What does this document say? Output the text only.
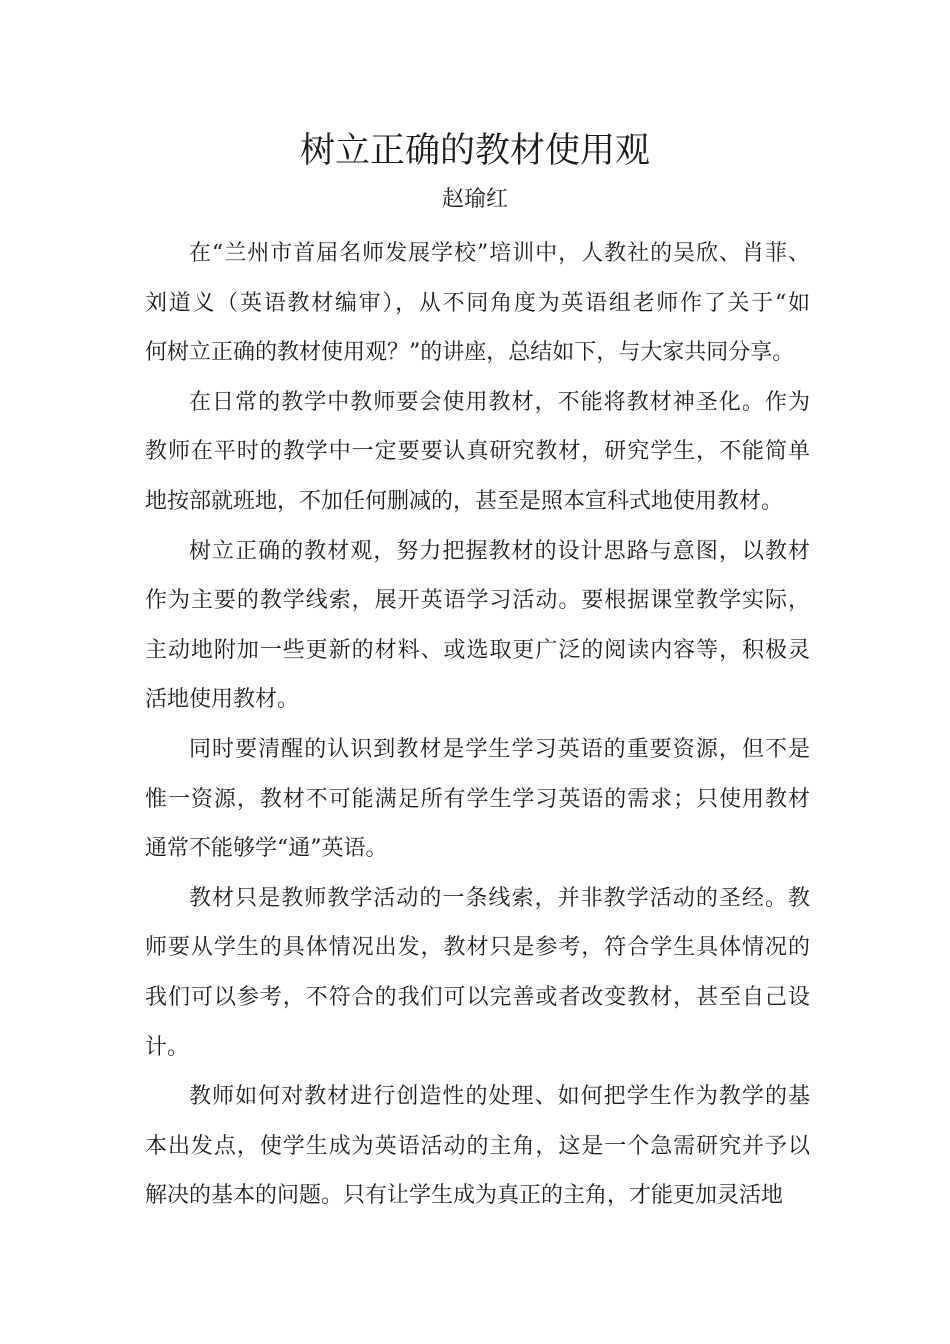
树立正确的教材使用观
赵瑜红
在“兰州市首届名师发展学校”培训中，人教社的吴欣、肖菲、
刘道义（英语教材编审），从不同角度为英语组老师作了关于“如
何树立正确的教材使用观？”的讲座，总结如下，与大家共同分享。
在日常的教学中教师要会使用教材，不能将教材神圣化。作为
教师在平时的教学中一定要要认真研究教材，研究学生，不能简单
地按部就班地，不加任何删减的，甚至是照本宣科式地使用教材。
树立正确的教材观，努力把握教材的设计思路与意图，以教材
作为主要的教学线索，展开英语学习活动。要根据课堂教学实际，
主动地附加一些更新的材料、或选取更广泛的阅读内容等，积极灵
活地使用教材。
同时要清醒的认识到教材是学生学习英语的重要资源，但不是
惟一资源，教材不可能满足所有学生学习英语的需求；只使用教材
通常不能够学“通”英语。
教材只是教师教学活动的一条线索，并非教学活动的圣经。教
师要从学生的具体情况出发，教材只是参考，符合学生具体情况的
我们可以参考，不符合的我们可以完善或者改变教材，甚至自己设
计。
教师如何对教材进行创造性的处理、如何把学生作为教学的基
本出发点，使学生成为英语活动的主角，这是一个急需研究并予以
解决的基本的问题。只有让学生成为真正的主角，才能更加灵活地
